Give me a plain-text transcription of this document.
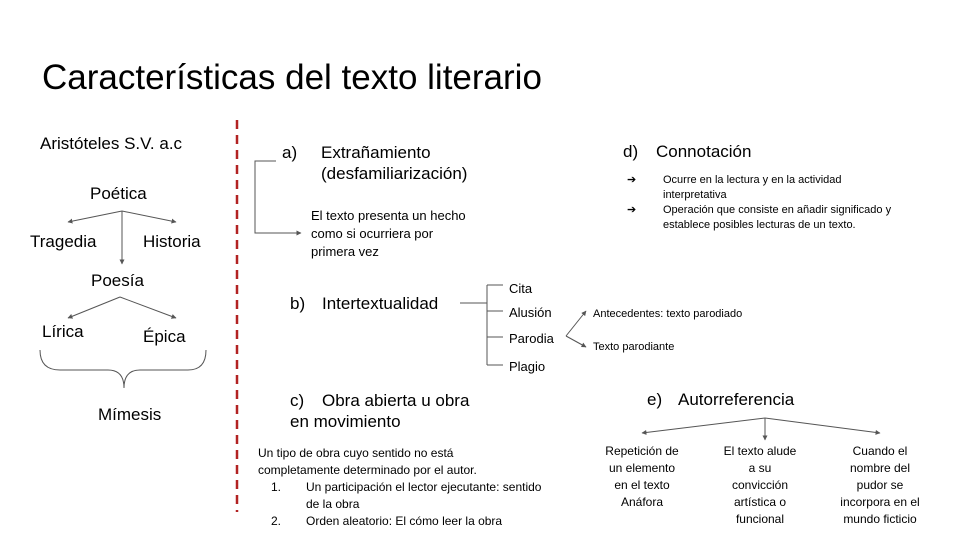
Características del texto literario
Aristóteles S.V. a.c
Poética
Tragedia	Historia
Poesía
Lírica	Épica
Mímesis
a) Extrañamiento
(desfamiliarización)
El texto presenta un hecho
como si ocurriera por
primera vez
b) Intertextualidad
Cita
Alusión
Parodia
Plagio
Antecedentes: texto parodiado
Texto parodiante
c) Obra abierta u obra
en movimiento
Un tipo de obra cuyo sentido no está
completamente determinado por el autor.
1. Un participación el lector ejecutante: sentido
de la obra
2. Orden aleatorio: El cómo leer la obra
d) Connotación
➔ Ocurre en la lectura y en la actividad
interpretativa
➔ Operación que consiste en añadir significado y
establece posibles lecturas de un texto.
e) Autorreferencia
Repetición de
un elemento
en el texto
Anáfora
El texto alude
a su
convicción
artística o
funcional
Cuando el
nombre del
pudor se
incorpora en el
mundo ficticio
